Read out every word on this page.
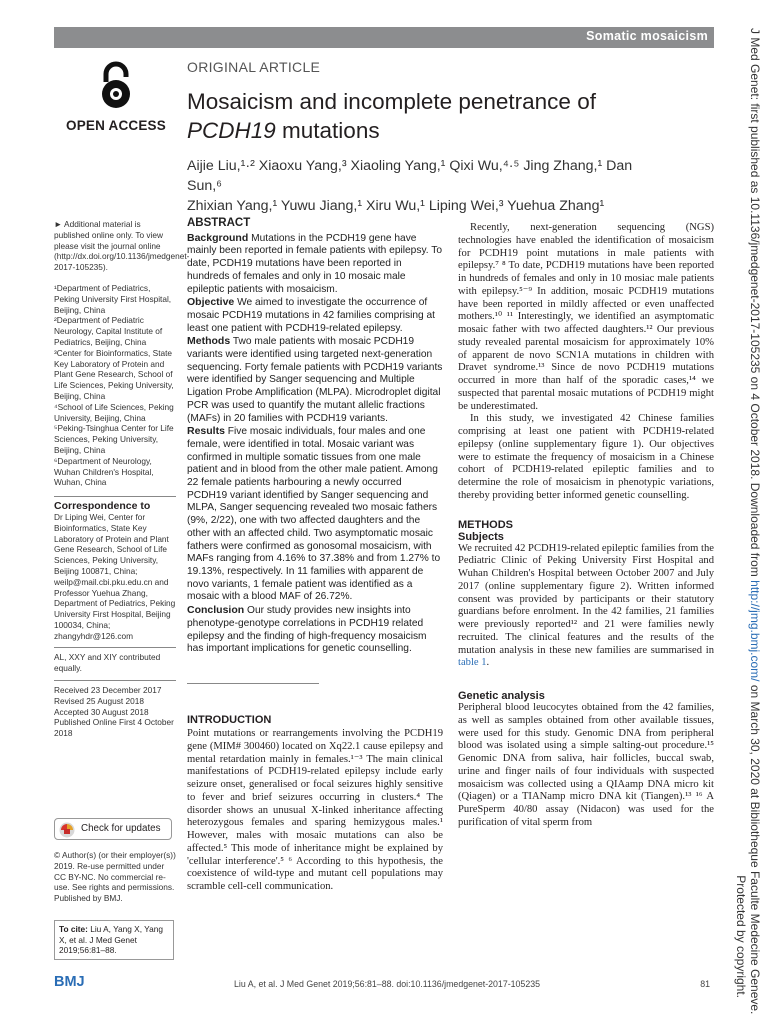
Somatic mosaicism
OPEN ACCESS
ORIGINAL ARTICLE
Mosaicism and incomplete penetrance of
PCDH19 mutations
Aijie Liu,¹·² Xiaoxu Yang,³ Xiaoling Yang,¹ Qixi Wu,⁴·⁵ Jing Zhang,¹ Dan Sun,⁶
Zhixian Yang,¹ Yuwu Jiang,¹ Xiru Wu,¹ Liping Wei,³ Yuehua Zhang¹
► Additional material is published online only. To view please visit the journal online (http://dx.doi.org/10.1136/jmedgenet-2017-105235).
¹Department of Pediatrics, Peking University First Hospital, Beijing, China
²Department of Pediatric Neurology, Capital Institute of Pediatrics, Beijing, China
³Center for Bioinformatics, State Key Laboratory of Protein and Plant Gene Research, School of Life Sciences, Peking University, Beijing, China
⁴School of Life Sciences, Peking University, Beijing, China
⁵Peking-Tsinghua Center for Life Sciences, Peking University, Beijing, China
⁶Department of Neurology, Wuhan Children's Hospital, Wuhan, China
Correspondence to
Dr Liping Wei, Center for Bioinformatics, State Key Laboratory of Protein and Plant Gene Research, School of Life Sciences, Peking University, Beijing 100871, China; weilp@mail.cbi.pku.edu.cn and Professor Yuehua Zhang, Department of Pediatrics, Peking University First Hospital, Beijing 100034, China; zhangyhdr@126.com
AL, XXY and XIY contributed equally.
Received 23 December 2017
Revised 25 August 2018
Accepted 30 August 2018
Published Online First 4 October 2018
Check for updates
© Author(s) (or their employer(s)) 2019. Re-use permitted under CC BY-NC. No commercial re-use. See rights and permissions. Published by BMJ.
To cite: Liu A, Yang X, Yang X, et al. J Med Genet 2019;56:81–88.
ABSTRACT
Background Mutations in the PCDH19 gene have mainly been reported in female patients with epilepsy. To date, PCDH19 mutations have been reported in hundreds of females and only in 10 mosaic male epileptic patients with mosaicism.
Objective We aimed to investigate the occurrence of mosaic PCDH19 mutations in 42 families comprising at least one patient with PCDH19-related epilepsy.
Methods Two male patients with mosaic PCDH19 variants were identified using targeted next-generation sequencing. Forty female patients with PCDH19 variants were identified by Sanger sequencing and Multiple Ligation Probe Amplification (MLPA). Microdroplet digital PCR was used to quantify the mutant allelic fractions (MAFs) in 20 families with PCDH19 variants.
Results Five mosaic individuals, four males and one female, were identified in total. Mosaic variant was confirmed in multiple somatic tissues from one male patient and in blood from the other male patient. Among 22 female patients harbouring a newly occurred PCDH19 variant identified by Sanger sequencing and MLPA, Sanger sequencing revealed two mosaic fathers (9%, 2/22), one with two affected daughters and the other with an affected child. Two asymptomatic mosaic fathers were confirmed as gonosomal mosaicism, with MAFs ranging from 4.16% to 37.38% and from 1.27% to 19.13%, respectively. In 11 families with apparent de novo variants, 1 female patient was identified as a mosaic with a blood MAF of 26.72%.
Conclusion Our study provides new insights into phenotype-genotype correlations in PCDH19 related epilepsy and the finding of high-frequency mosaicism has important implications for genetic counselling.
INTRODUCTION

Point mutations or rearrangements involving the PCDH19 gene (MIM# 300460) located on Xq22.1 cause epilepsy and mental retardation mainly in females.¹⁻³ The main clinical manifestations of PCDH19-related epilepsy include early seizure onset, generalised or focal seizures highly sensitive to fever and brief seizures occurring in clusters.⁴ The disorder shows an unusual X-linked inheritance affecting heterozygous females and sparing hemizygous males.¹ However, males with mosaic mutations can also be affected.⁵ This mode of inheritance might be explained by 'cellular interference'.⁵ ⁶ According to this hypothesis, the coexistence of wild-type and mutant cell populations may scramble cell-cell communication.

Recently, next-generation sequencing (NGS) technologies have enabled the identification of mosaicism for PCDH19 point mutations in male patients with epilepsy.⁷ ⁸ To date, PCDH19 mutations have been reported in hundreds of females and only in 10 mosiac male patients with epilepsy.⁵⁻⁹ In addition, mosaic PCDH19 mutations have been reported in mildly affected or even unaffected mothers.¹⁰ ¹¹ Interestingly, we identified an asymptomatic mosaic father with two affected daughters.¹² Our previous study revealed parental mosaicism for approximately 10% of apparent de novo SCN1A mutations in children with Dravet syndrome.¹³ Since de novo PCDH19 mutations occurred in more than half of the sporadic cases,¹⁴ we suspected that parental mosaic mutations of PCDH19 might be underestimated.

In this study, we investigated 42 Chinese families comprising at least one patient with PCDH19-related epilepsy (online supplementary figure 1). Our objectives were to estimate the frequency of mosaicism in a Chinese cohort of PCDH19-related epileptic families and to determine the role of mosaicism in phenotypic variations, thereby providing better informed genetic counselling.

METHODS
Subjects

We recruited 42 PCDH19-related epileptic families from the Pediatric Clinic of Peking University First Hospital and Wuhan Children's Hospital between October 2007 and July 2017 (online supplementary figure 2). Written informed consent was provided by participants or their statutory guardians before enrolment. In the 42 families, 21 families were previously reported¹² and 21 were families newly recruited. The clinical features and the results of the mutation analysis in these new families are summarised in table 1.

Genetic analysis

Peripheral blood leucocytes obtained from the 42 families, as well as samples obtained from other available tissues, were used for this study. Genomic DNA from peripheral blood was isolated using a simple salting-out procedure.¹⁵ Genomic DNA from saliva, hair follicles, buccal swab, urine and finger nails of four individuals with suspected mosaicism was collected using a QIAamp DNA micro kit (Qiagen) or a TIANamp micro DNA kit (Tiangen).¹³ ¹⁶ A PureSperm 40/80 assay (Nidacon) was used for the purification of vital sperm from

BMJ	Liu A, et al. J Med Genet 2019;56:81–88. doi:10.1136/jmedgenet-2017-105235	81
J Med Genet: first published as 10.1136/jmedgenet-2017-105235 on 4 October 2018. Downloaded from http://jmg.bmj.com/ on March 30, 2020 at Bibliotheque Faculte Medecine Geneve.
Protected by copyright.
